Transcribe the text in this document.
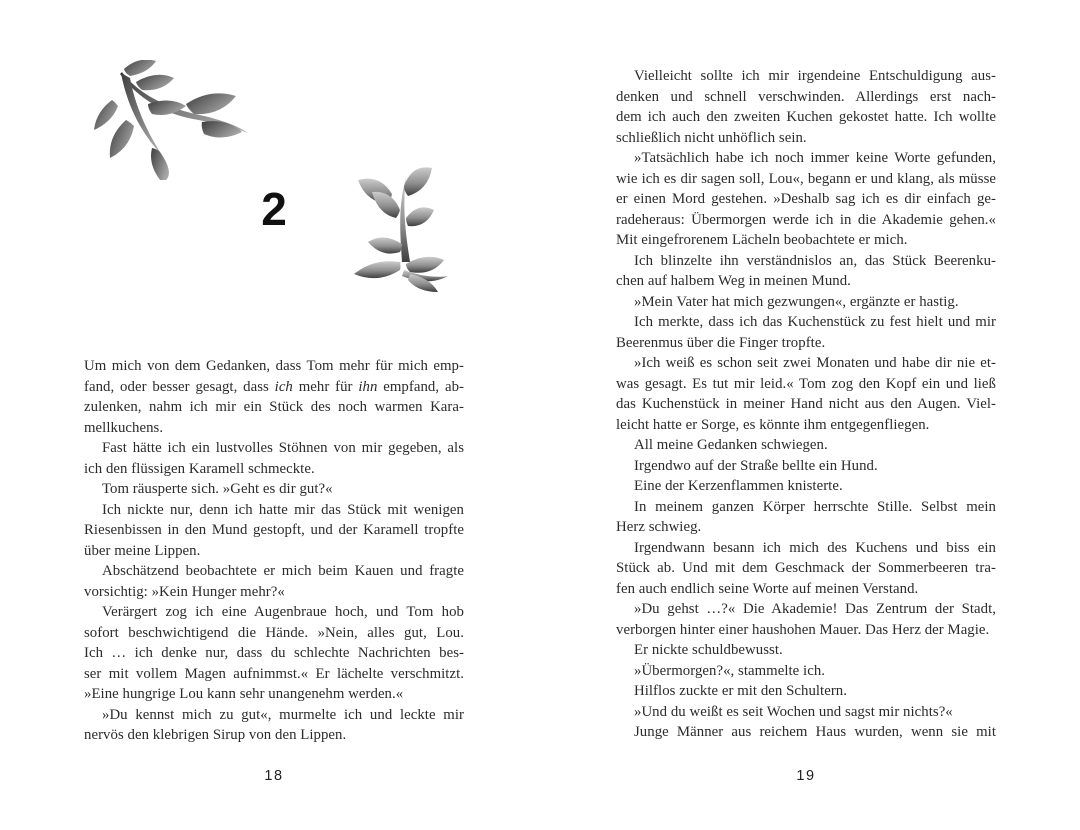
2
Um mich von dem Gedanken, dass Tom mehr für mich emp-
fand, oder besser gesagt, dass ich mehr für ihn empfand, ab-
zulenken, nahm ich mir ein Stück des noch warmen Kara-
mellkuchens.
Fast hätte ich ein lustvolles Stöhnen von mir gegeben, als
ich den flüssigen Karamell schmeckte.
Tom räusperte sich. »Geht es dir gut?«
Ich nickte nur, denn ich hatte mir das Stück mit wenigen
Riesenbissen in den Mund gestopft, und der Karamell tropfte
über meine Lippen.
Abschätzend beobachtete er mich beim Kauen und fragte
vorsichtig: »Kein Hunger mehr?«
Verärgert zog ich eine Augenbraue hoch, und Tom hob
sofort beschwichtigend die Hände. »Nein, alles gut, Lou.
Ich … ich denke nur, dass du schlechte Nachrichten bes-
ser mit vollem Magen aufnimmst.« Er lächelte verschmitzt.
»Eine hungrige Lou kann sehr unangenehm werden.«
»Du kennst mich zu gut«, murmelte ich und leckte mir
nervös den klebrigen Sirup von den Lippen.
Vielleicht sollte ich mir irgendeine Entschuldigung aus-
denken und schnell verschwinden. Allerdings erst nach-
dem ich auch den zweiten Kuchen gekostet hatte. Ich wollte
schließlich nicht unhöflich sein.
»Tatsächlich habe ich noch immer keine Worte gefunden,
wie ich es dir sagen soll, Lou«, begann er und klang, als müsse
er einen Mord gestehen. »Deshalb sag ich es dir einfach ge-
radeheraus: Übermorgen werde ich in die Akademie gehen.«
Mit eingefrorenem Lächeln beobachtete er mich.
Ich blinzelte ihn verständnislos an, das Stück Beerenku-
chen auf halbem Weg in meinen Mund.
»Mein Vater hat mich gezwungen«, ergänzte er hastig.
Ich merkte, dass ich das Kuchenstück zu fest hielt und mir
Beerenmus über die Finger tropfte.
»Ich weiß es schon seit zwei Monaten und habe dir nie et-
was gesagt. Es tut mir leid.« Tom zog den Kopf ein und ließ
das Kuchenstück in meiner Hand nicht aus den Augen. Viel-
leicht hatte er Sorge, es könnte ihm entgegenfliegen.
All meine Gedanken schwiegen.
Irgendwo auf der Straße bellte ein Hund.
Eine der Kerzenflammen knisterte.
In meinem ganzen Körper herrschte Stille. Selbst mein
Herz schwieg.
Irgendwann besann ich mich des Kuchens und biss ein
Stück ab. Und mit dem Geschmack der Sommerbeeren tra-
fen auch endlich seine Worte auf meinen Verstand.
»Du gehst …?« Die Akademie! Das Zentrum der Stadt,
verborgen hinter einer haushohen Mauer. Das Herz der Magie.
Er nickte schuldbewusst.
»Übermorgen?«, stammelte ich.
Hilflos zuckte er mit den Schultern.
»Und du weißt es seit Wochen und sagst mir nichts?«
Junge Männer aus reichem Haus wurden, wenn sie mit
18	19
